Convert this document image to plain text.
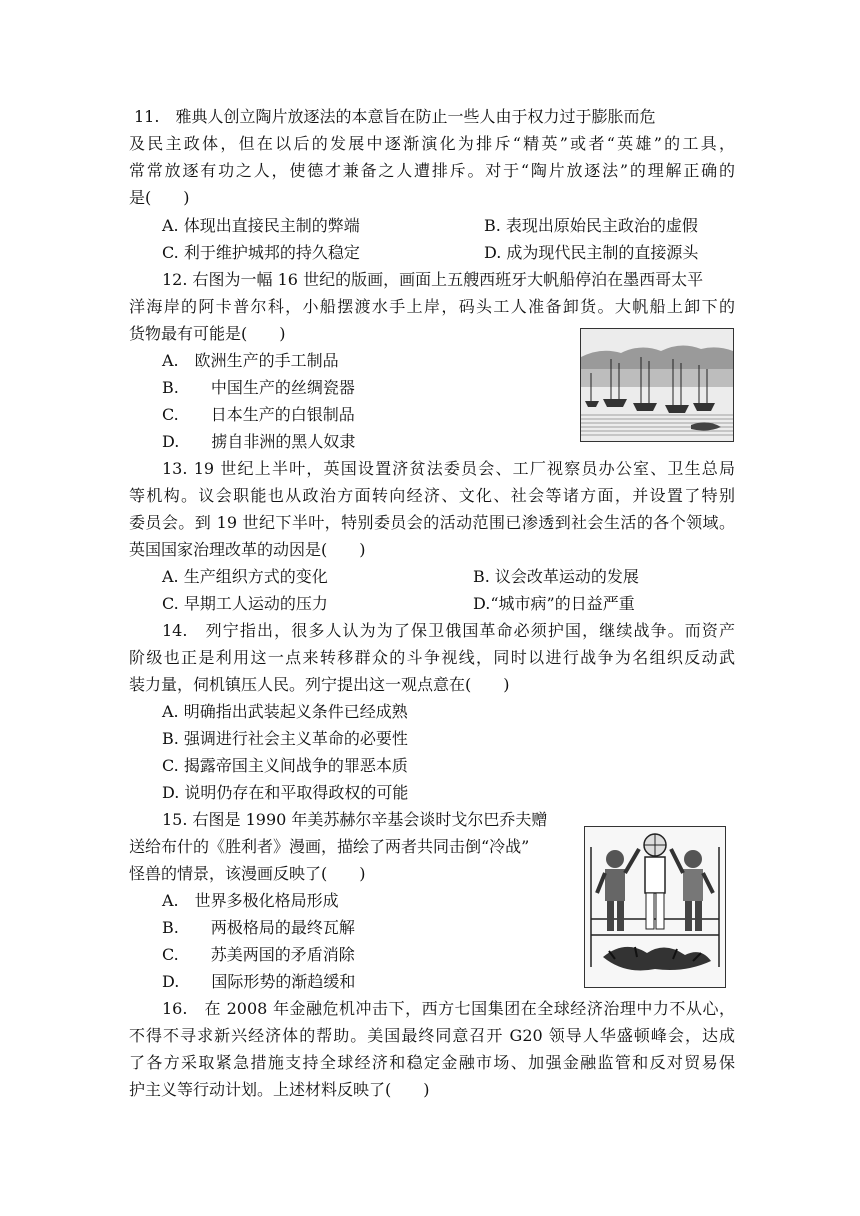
11.　雅典人创立陶片放逐法的本意旨在防止一些人由于权力过于膨胀而危
及民主政体，但在以后的发展中逐渐演化为排斥“精英”或者“英雄”的工具，
常常放逐有功之人，使德才兼备之人遭排斥。对于“陶片放逐法”的理解正确的
是(　　)
A. 体现出直接民主制的弊端	B. 表现出原始民主政治的虚假
C. 利于维护城邦的持久稳定	D. 成为现代民主制的直接源头
12. 右图为一幅 16 世纪的版画，画面上五艘西班牙大帆船停泊在墨西哥太平
洋海岸的阿卡普尔科，小船摆渡水手上岸，码头工人准备卸货。大帆船上卸下的
货物最有可能是(　　)
A.　欧洲生产的手工制品
B.　　中国生产的丝绸瓷器
C.　　日本生产的白银制品
D.　　掳自非洲的黑人奴隶
13. 19 世纪上半叶，英国设置济贫法委员会、工厂视察员办公室、卫生总局
等机构。议会职能也从政治方面转向经济、文化、社会等诸方面，并设置了特别
委员会。到 19 世纪下半叶，特别委员会的活动范围已渗透到社会生活的各个领域。
英国国家治理改革的动因是(　　)
A. 生产组织方式的变化	B. 议会改革运动的发展
C. 早期工人运动的压力	D.“城市病”的日益严重
14.　列宁指出，很多人认为为了保卫俄国革命必须护国，继续战争。而资产
阶级也正是利用这一点来转移群众的斗争视线，同时以进行战争为名组织反动武
装力量，伺机镇压人民。列宁提出这一观点意在(　　)
A. 明确指出武装起义条件已经成熟
B. 强调进行社会主义革命的必要性
C. 揭露帝国主义间战争的罪恶本质
D. 说明仍存在和平取得政权的可能
15. 右图是 1990 年美苏赫尔辛基会谈时戈尔巴乔夫赠
送给布什的《胜利者》漫画，描绘了两者共同击倒“冷战”
怪兽的情景，该漫画反映了(　　)
A.　世界多极化格局形成
B.　　两极格局的最终瓦解
C.　　苏美两国的矛盾消除
D.　　国际形势的渐趋缓和
16.　在 2008 年金融危机冲击下，西方七国集团在全球经济治理中力不从心，
不得不寻求新兴经济体的帮助。美国最终同意召开 G20 领导人华盛顿峰会，达成
了各方采取紧急措施支持全球经济和稳定金融市场、加强金融监管和反对贸易保
护主义等行动计划。上述材料反映了(　　)
